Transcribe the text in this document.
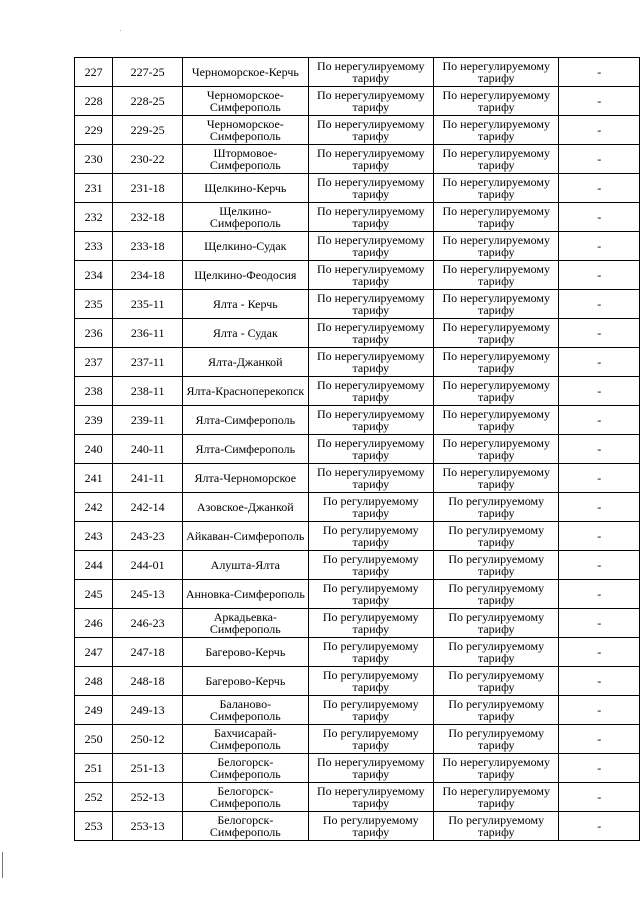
227	227-25	Черноморское-Керчь	По нерегулируемому тарифу	По нерегулируемому тарифу	-
228	228-25	Черноморское-Симферополь	По нерегулируемому тарифу	По нерегулируемому тарифу	-
229	229-25	Черноморское-Симферополь	По нерегулируемому тарифу	По нерегулируемому тарифу	-
230	230-22	Штормовое-Симферополь	По нерегулируемому тарифу	По нерегулируемому тарифу	-
231	231-18	Щелкино-Керчь	По нерегулируемому тарифу	По нерегулируемому тарифу	-
232	232-18	Щелкино-Симферополь	По нерегулируемому тарифу	По нерегулируемому тарифу	-
233	233-18	Щелкино-Судак	По нерегулируемому тарифу	По нерегулируемому тарифу	-
234	234-18	Щелкино-Феодосия	По нерегулируемому тарифу	По нерегулируемому тарифу	-
235	235-11	Ялта - Керчь	По нерегулируемому тарифу	По нерегулируемому тарифу	-
236	236-11	Ялта - Судак	По нерегулируемому тарифу	По нерегулируемому тарифу	-
237	237-11	Ялта-Джанкой	По нерегулируемому тарифу	По нерегулируемому тарифу	-
238	238-11	Ялта-Красноперекопск	По нерегулируемому тарифу	По нерегулируемому тарифу	-
239	239-11	Ялта-Симферополь	По нерегулируемому тарифу	По нерегулируемому тарифу	-
240	240-11	Ялта-Симферополь	По нерегулируемому тарифу	По нерегулируемому тарифу	-
241	241-11	Ялта-Черноморское	По нерегулируемому тарифу	По нерегулируемому тарифу	-
242	242-14	Азовское-Джанкой	По регулируемому тарифу	По регулируемому тарифу	-
243	243-23	Айкаван-Симферополь	По регулируемому тарифу	По регулируемому тарифу	-
244	244-01	Алушта-Ялта	По регулируемому тарифу	По регулируемому тарифу	-
245	245-13	Анновка-Симферополь	По регулируемому тарифу	По регулируемому тарифу	-
246	246-23	Аркадьевка-Симферополь	По регулируемому тарифу	По регулируемому тарифу	-
247	247-18	Багерово-Керчь	По регулируемому тарифу	По регулируемому тарифу	-
248	248-18	Багерово-Керчь	По регулируемому тарифу	По регулируемому тарифу	-
249	249-13	Баланово-Симферополь	По регулируемому тарифу	По регулируемому тарифу	-
250	250-12	Бахчисарай-Симферополь	По регулируемому тарифу	По регулируемому тарифу	-
251	251-13	Белогорск-Симферополь	По нерегулируемому тарифу	По нерегулируемому тарифу	-
252	252-13	Белогорск-Симферополь	По нерегулируемому тарифу	По нерегулируемому тарифу	-
253	253-13	Белогорск-Симферополь	По регулируемому тарифу	По регулируемому тарифу	-
